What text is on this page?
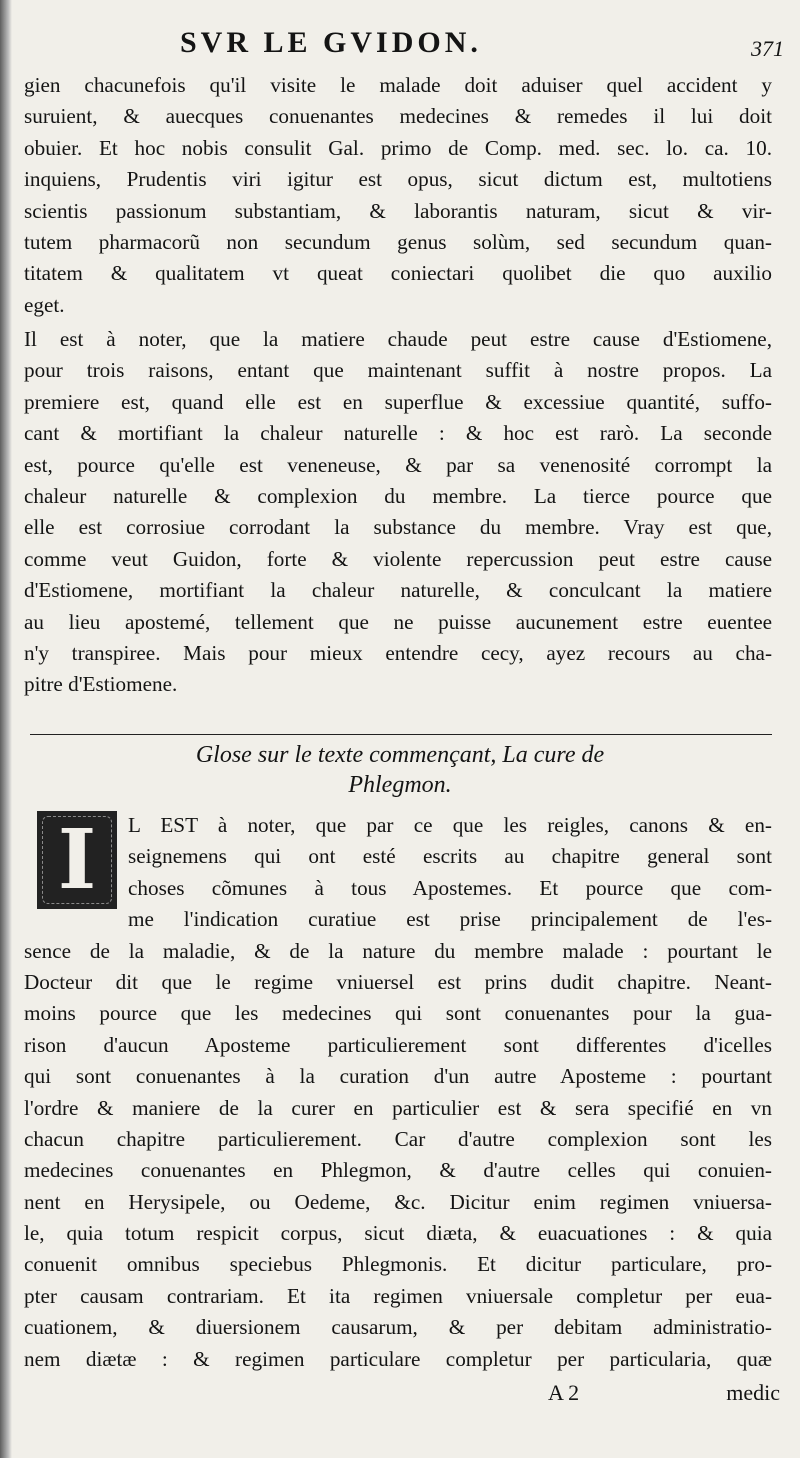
SVR LE GVIDON.	371
gien chacunefois qu'il visite le malade doit aduiser quel accident y
suruient, & auecques conuenantes medecines & remedes il lui doit
obuier. Et hoc nobis consulit Gal. primo de Comp. med. sec. lo. ca. 10.
inquiens, Prudentis viri igitur est opus, sicut dictum est, multotiens
scientis passionum substantiam, & laborantis naturam, sicut & vir-
tutem pharmacorũ non secundum genus solùm, sed secundum quan-
titatem & qualitatem vt queat coniectari quolibet die quo auxilio
eget.
Il est à noter, que la matiere chaude peut estre cause d'Estiomene,
pour trois raisons, entant que maintenant suffit à nostre propos. La
premiere est, quand elle est en superflue & excessiue quantité, suffo-
cant & mortifiant la chaleur naturelle : & hoc est rarò. La seconde
est, pource qu'elle est veneneuse, & par sa venenosité corrompt la
chaleur naturelle & complexion du membre. La tierce pource que
elle est corrosiue corrodant la substance du membre. Vray est que,
comme veut Guidon, forte & violente repercussion peut estre cause
d'Estiomene, mortifiant la chaleur naturelle, & conculcant la matiere
au lieu apostemé, tellement que ne puisse aucunement estre euentee
n'y transpiree. Mais pour mieux entendre cecy, ayez recours au cha-
pitre d'Estiomene.
Glose sur le texte commençant, La cure de
Phlegmon.
I	L EST à noter, que par ce que les reigles, canons & en-
seignemens qui ont esté escrits au chapitre general sont
choses cõmunes à tous Apostemes. Et pource que com-
me l'indication curatiue est prise principalement de l'es-
sence de la maladie, & de la nature du membre malade : pourtant le
Docteur dit que le regime vniuersel est prins dudit chapitre. Neant-
moins pource que les medecines qui sont conuenantes pour la gua-
rison d'aucun Aposteme particulierement sont differentes d'icelles
qui sont conuenantes à la curation d'un autre Aposteme : pourtant
l'ordre & maniere de la curer en particulier est & sera specifié en vn
chacun chapitre particulierement. Car d'autre complexion sont les
medecines conuenantes en Phlegmon, & d'autre celles qui conuien-
nent en Herysipele, ou Oedeme, &c. Dicitur enim regimen vniuersa-
le, quia totum respicit corpus, sicut diæta, & euacuationes : & quia
conuenit omnibus speciebus Phlegmonis. Et dicitur particulare, pro-
pter causam contrariam. Et ita regimen vniuersale completur per eua-
cuationem, & diuersionem causarum, & per debitam administratio-
nem diætæ : & regimen particulare completur per particularia, quæ
A 2	medic
